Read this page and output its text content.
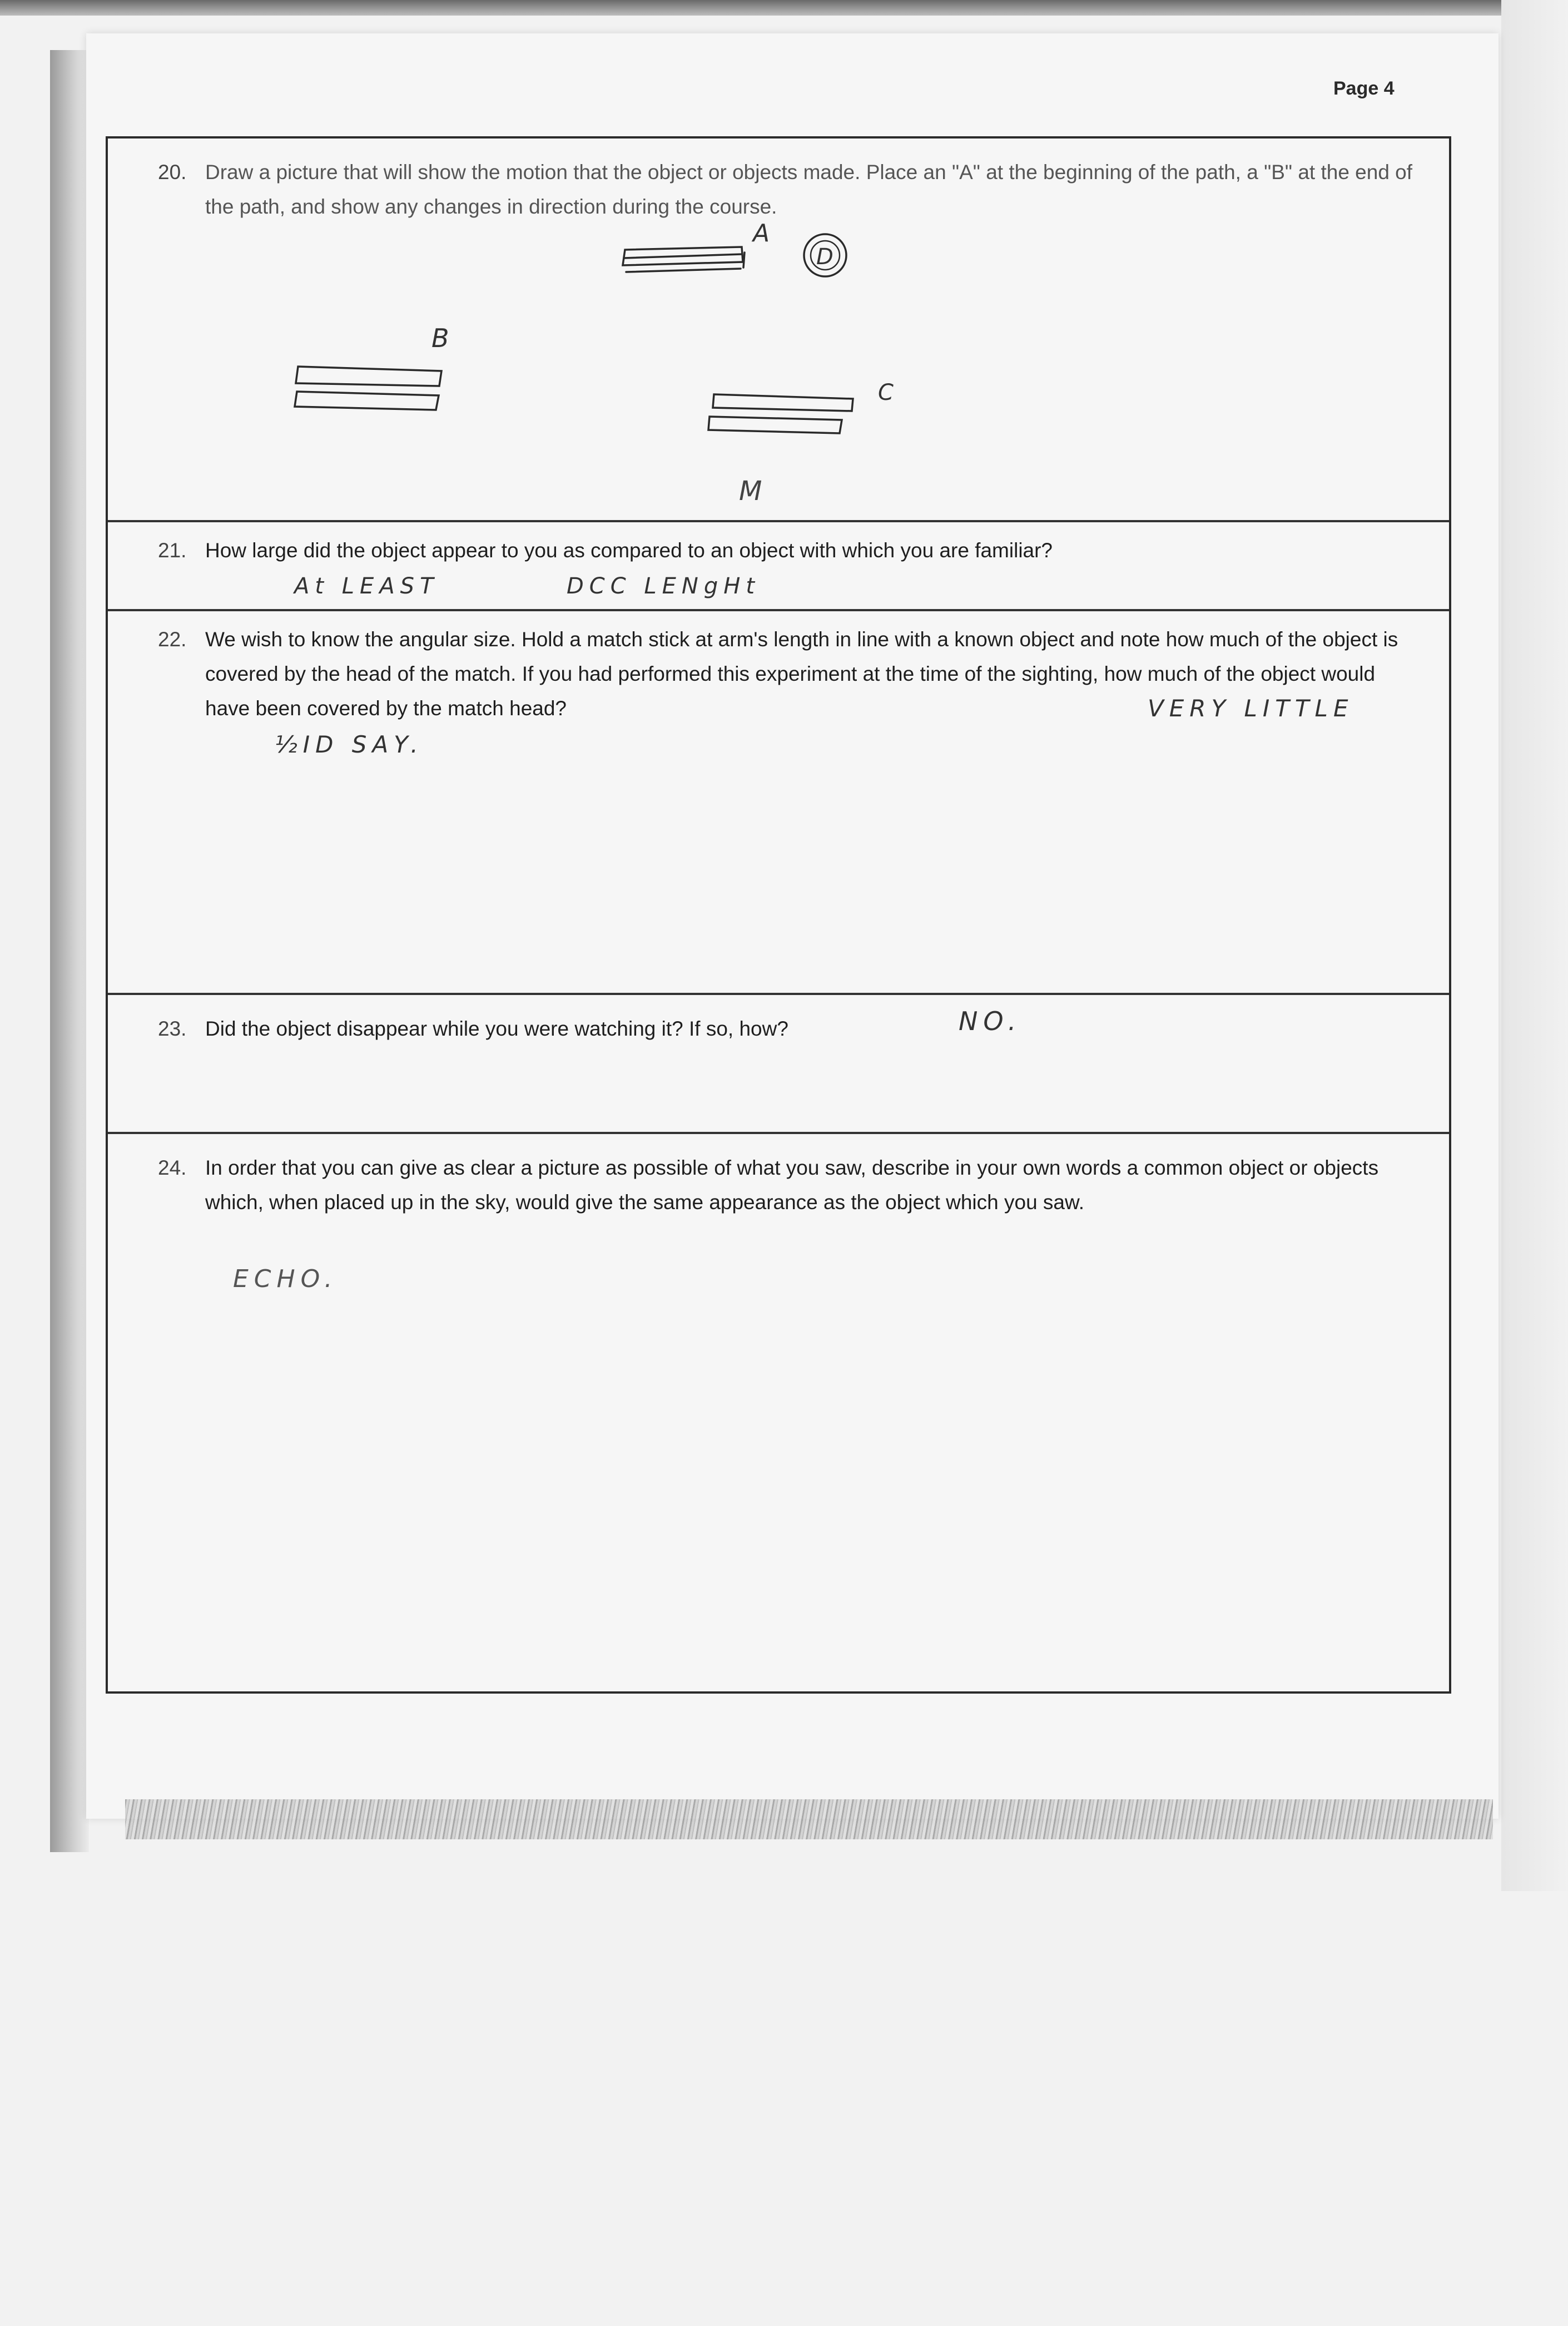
Page 4
20. Draw a picture that will show the motion that the object or objects made. Place an "A" at the beginning of the path, a "B" at the end of the path, and show any changes in direction during the course.
A
D
B
C
M
21. How large did the object appear to you as compared to an object with which you are familiar?
At LEAST	DCC LENgHt
22. We wish to know the angular size. Hold a match stick at arm's length in line with a known object and note how much of the object is covered by the head of the match. If you had performed this experiment at the time of the sighting, how much of the object would have been covered by the match head?	VERY LITTLE
½ID SAY.
23. Did the object disappear while you were watching it? If so, how?	NO.
24. In order that you can give as clear a picture as possible of what you saw, describe in your own words a common object or objects which, when placed up in the sky, would give the same appearance as the object which you saw.
ECHO.
